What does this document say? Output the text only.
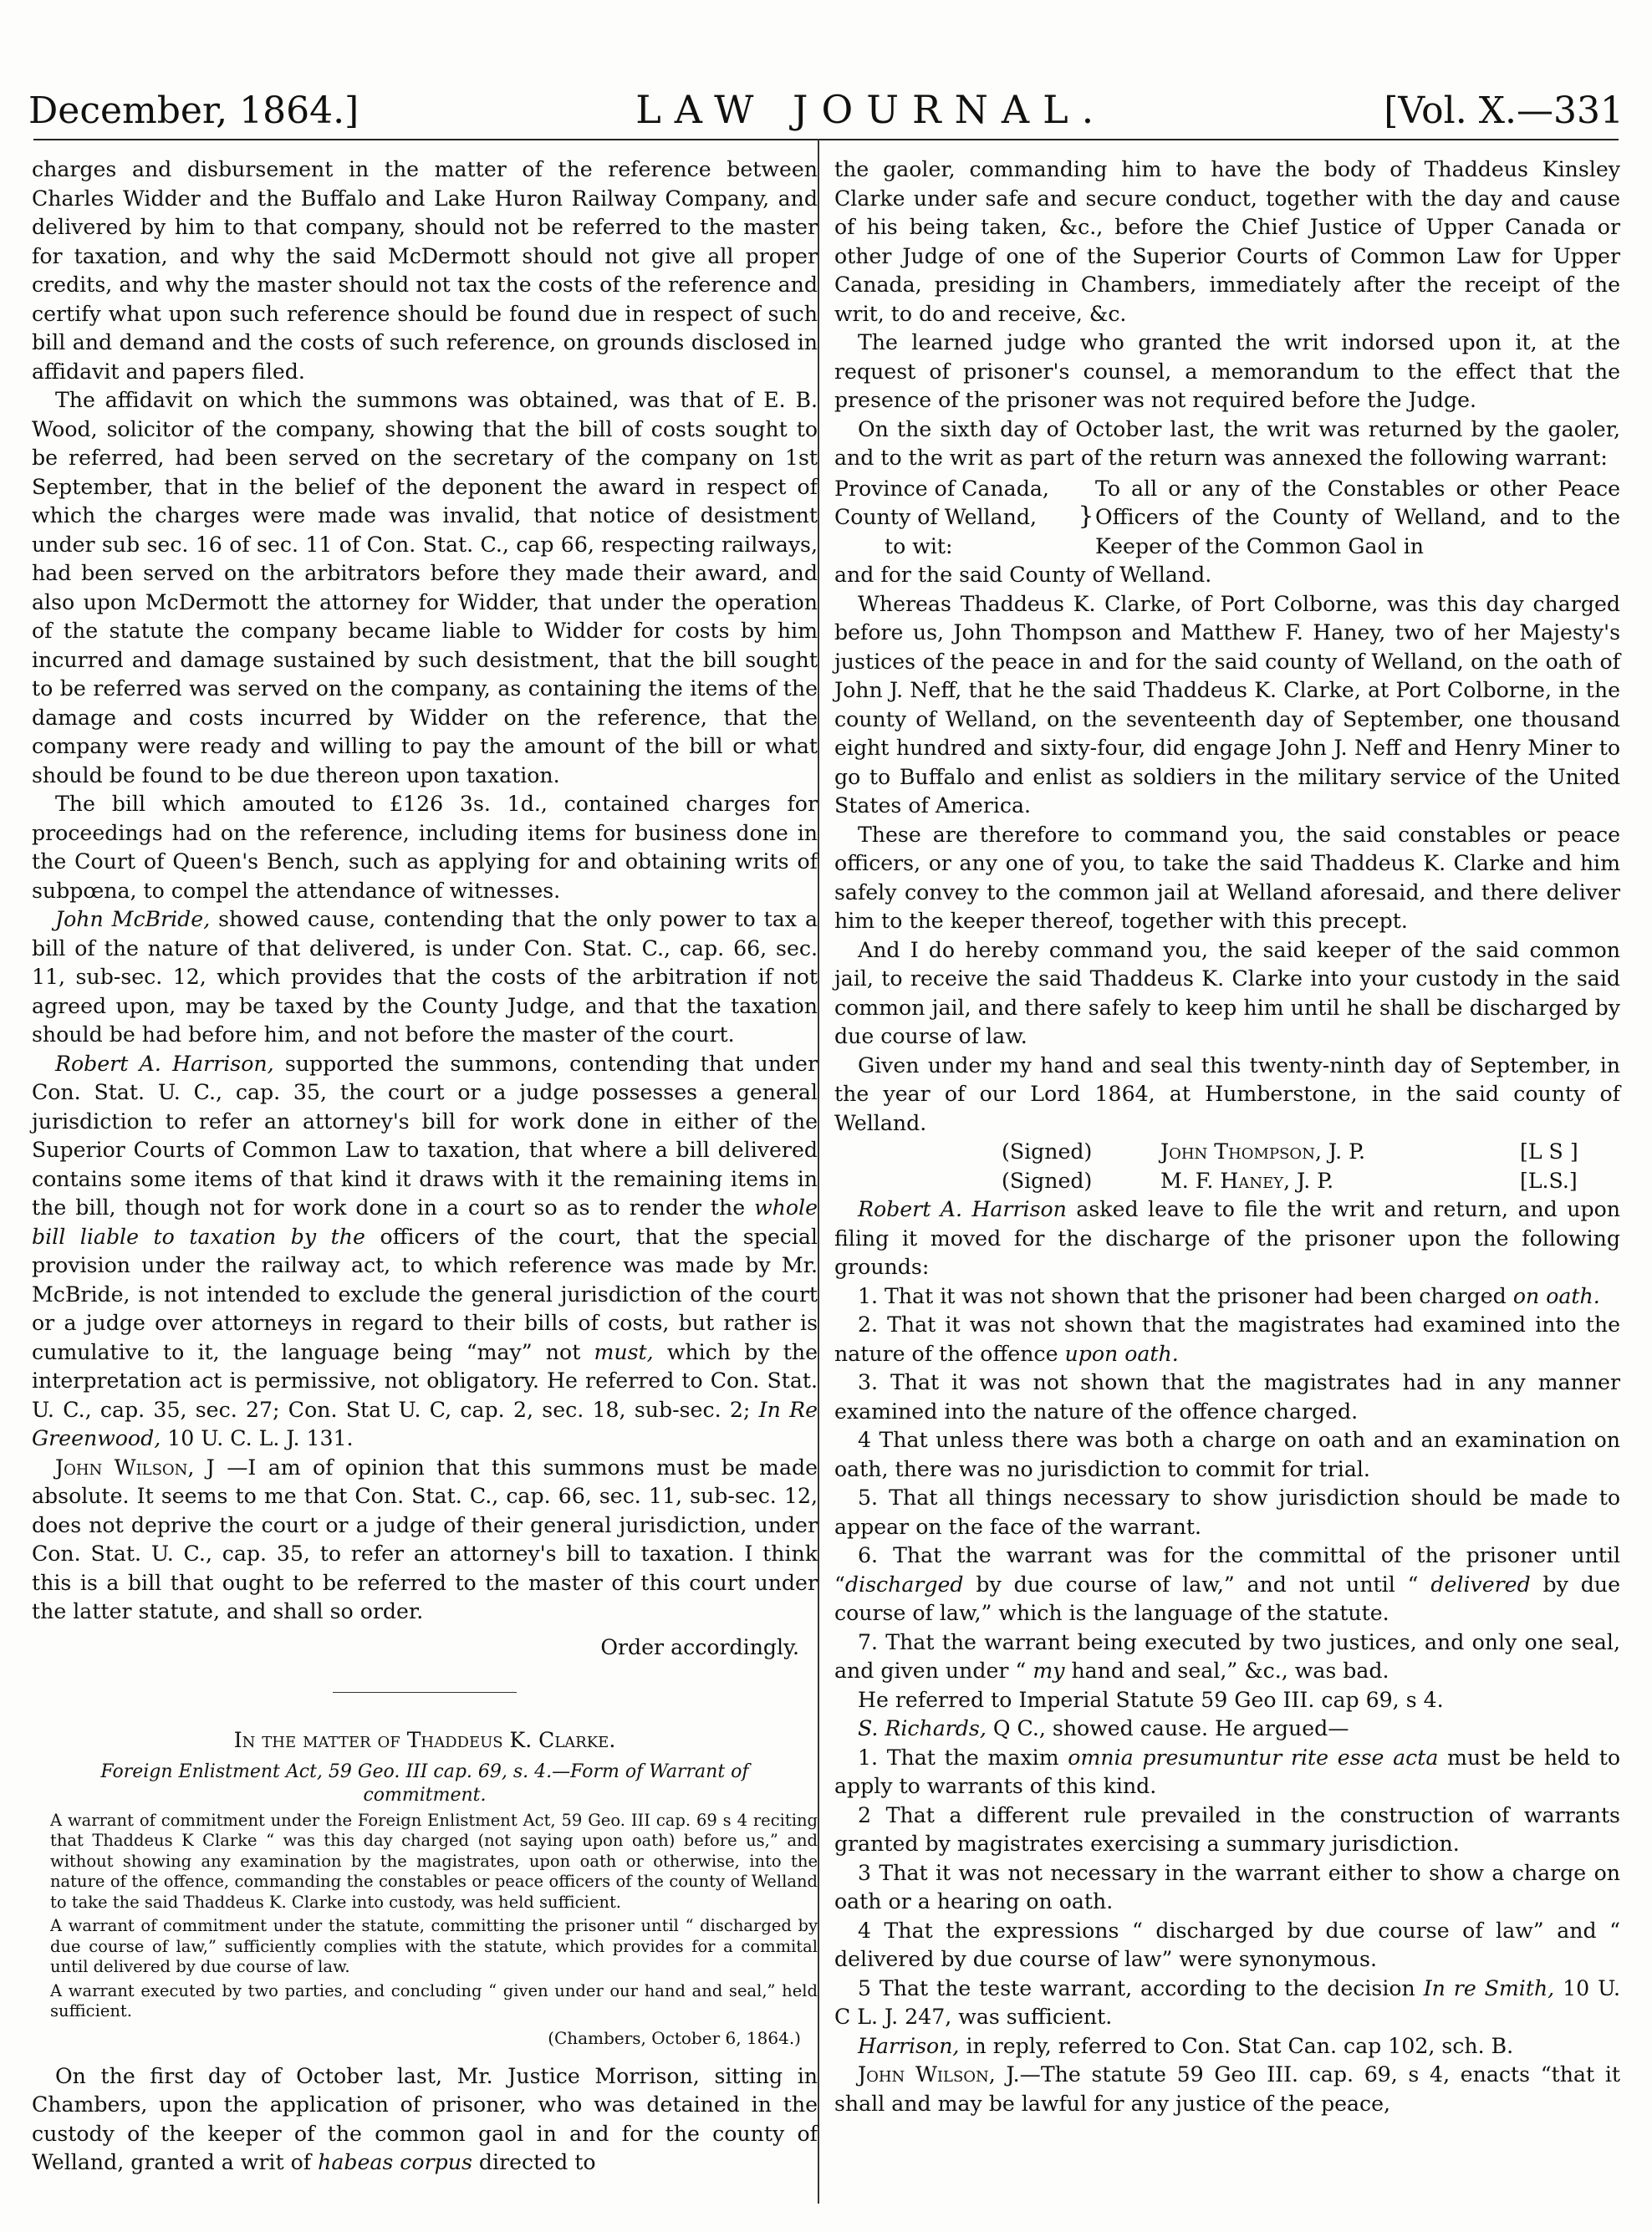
December, 1864.]	LAW JOURNAL.	[Vol. X.—331

charges and disbursement in the matter of the reference between Charles Widder and the Buffalo and Lake Huron Railway Company, and delivered by him to that company, should not be referred to the master for taxation, and why the said McDermott should not give all proper credits, and why the master should not tax the costs of the reference and certify what upon such reference should be found due in respect of such bill and demand and the costs of such reference, on grounds disclosed in affidavit and papers filed.

The affidavit on which the summons was obtained, was that of E. B. Wood, solicitor of the company, showing that the bill of costs sought to be referred, had been served on the secretary of the company on 1st September, that in the belief of the deponent the award in respect of which the charges were made was invalid, that notice of desistment under sub sec. 16 of sec. 11 of Con. Stat. C., cap 66, respecting railways, had been served on the arbitrators before they made their award, and also upon McDermott the attorney for Widder, that under the operation of the statute the company became liable to Widder for costs by him incurred and damage sustained by such desistment, that the bill sought to be referred was served on the company, as containing the items of the damage and costs incurred by Widder on the reference, that the company were ready and willing to pay the amount of the bill or what should be found to be due thereon upon taxation.

The bill which amouted to £126 3s. 1d., contained charges for proceedings had on the reference, including items for business done in the Court of Queen's Bench, such as applying for and obtaining writs of subpœna, to compel the attendance of witnesses.

John McBride, showed cause, contending that the only power to tax a bill of the nature of that delivered, is under Con. Stat. C., cap. 66, sec. 11, sub-sec. 12, which provides that the costs of the arbitration if not agreed upon, may be taxed by the County Judge, and that the taxation should be had before him, and not before the master of the court.

Robert A. Harrison, supported the summons, contending that under Con. Stat. U. C., cap. 35, the court or a judge possesses a general jurisdiction to refer an attorney's bill for work done in either of the Superior Courts of Common Law to taxation, that where a bill delivered contains some items of that kind it draws with it the remaining items in the bill, though not for work done in a court so as to render the whole bill liable to taxation by the officers of the court, that the special provision under the railway act, to which reference was made by Mr. McBride, is not intended to exclude the general jurisdiction of the court or a judge over attorneys in regard to their bills of costs, but rather is cumulative to it, the language being “may” not must, which by the interpretation act is permissive, not obligatory. He referred to Con. Stat. U. C., cap. 35, sec. 27; Con. Stat U. C, cap. 2, sec. 18, sub-sec. 2; In Re Greenwood, 10 U. C. L. J. 131.

John Wilson, J —I am of opinion that this summons must be made absolute. It seems to me that Con. Stat. C., cap. 66, sec. 11, sub-sec. 12, does not deprive the court or a judge of their general jurisdiction, under Con. Stat. U. C., cap. 35, to refer an attorney's bill to taxation. I think this is a bill that ought to be referred to the master of this court under the latter statute, and shall so order.

Order accordingly.

In the matter of Thaddeus K. Clarke.

Foreign Enlistment Act, 59 Geo. III cap. 69, s. 4.—Form of Warrant of commitment.

A warrant of commitment under the Foreign Enlistment Act, 59 Geo. III cap. 69 s 4 reciting that Thaddeus K Clarke “ was this day charged (not saying upon oath) before us,” and without showing any examination by the magistrates, upon oath or otherwise, into the nature of the offence, commanding the constables or peace officers of the county of Welland to take the said Thaddeus K. Clarke into custody, was held sufficient.

A warrant of commitment under the statute, committing the prisoner until “ discharged by due course of law,” sufficiently complies with the statute, which provides for a commital until delivered by due course of law.

A warrant executed by two parties, and concluding “ given under our hand and seal,” held sufficient.

(Chambers, October 6, 1864.)

On the first day of October last, Mr. Justice Morrison, sitting in Chambers, upon the application of prisoner, who was detained in the custody of the keeper of the common gaol in and for the county of Welland, granted a writ of habeas corpus directed to

the gaoler, commanding him to have the body of Thaddeus Kinsley Clarke under safe and secure conduct, together with the day and cause of his being taken, &c., before the Chief Justice of Upper Canada or other Judge of one of the Superior Courts of Common Law for Upper Canada, presiding in Chambers, immediately after the receipt of the writ, to do and receive, &c.

The learned judge who granted the writ indorsed upon it, at the request of prisoner's counsel, a memorandum to the effect that the presence of the prisoner was not required before the Judge.

On the sixth day of October last, the writ was returned by the gaoler, and to the writ as part of the return was annexed the following warrant:

Province of Canada,
County of Welland,
to wit:
}
To all or any of the Constables or other Peace Officers of the County of Welland, and to the Keeper of the Common Gaol in

and for the said County of Welland.

Whereas Thaddeus K. Clarke, of Port Colborne, was this day charged before us, John Thompson and Matthew F. Haney, two of her Majesty's justices of the peace in and for the said county of Welland, on the oath of John J. Neff, that he the said Thaddeus K. Clarke, at Port Colborne, in the county of Welland, on the seventeenth day of September, one thousand eight hundred and sixty-four, did engage John J. Neff and Henry Miner to go to Buffalo and enlist as soldiers in the military service of the United States of America.

These are therefore to command you, the said constables or peace officers, or any one of you, to take the said Thaddeus K. Clarke and him safely convey to the common jail at Welland aforesaid, and there deliver him to the keeper thereof, together with this precept.

And I do hereby command you, the said keeper of the said common jail, to receive the said Thaddeus K. Clarke into your custody in the said common jail, and there safely to keep him until he shall be discharged by due course of law.

Given under my hand and seal this twenty-ninth day of September, in the year of our Lord 1864, at Humberstone, in the said county of Welland.

(Signed)	John Thompson, J. P.	[L S ]
(Signed)	M. F. Haney, J. P.	[L.S.]

Robert A. Harrison asked leave to file the writ and return, and upon filing it moved for the discharge of the prisoner upon the following grounds:

1. That it was not shown that the prisoner had been charged on oath.

2. That it was not shown that the magistrates had examined into the nature of the offence upon oath.

3. That it was not shown that the magistrates had in any manner examined into the nature of the offence charged.

4 That unless there was both a charge on oath and an examination on oath, there was no jurisdiction to commit for trial.

5. That all things necessary to show jurisdiction should be made to appear on the face of the warrant.

6. That the warrant was for the committal of the prisoner until “discharged by due course of law,” and not until “ delivered by due course of law,” which is the language of the statute.

7. That the warrant being executed by two justices, and only one seal, and given under “ my hand and seal,” &c., was bad.

He referred to Imperial Statute 59 Geo III. cap 69, s 4.

S. Richards, Q C., showed cause. He argued—

1. That the maxim omnia presumuntur rite esse acta must be held to apply to warrants of this kind.

2 That a different rule prevailed in the construction of warrants granted by magistrates exercising a summary jurisdiction.

3 That it was not necessary in the warrant either to show a charge on oath or a hearing on oath.

4 That the expressions “ discharged by due course of law” and “ delivered by due course of law” were synonymous.

5 That the teste warrant, according to the decision In re Smith, 10 U. C L. J. 247, was sufficient.

Harrison, in reply, referred to Con. Stat Can. cap 102, sch. B.

John Wilson, J.—The statute 59 Geo III. cap. 69, s 4, enacts “that it shall and may be lawful for any justice of the peace,
